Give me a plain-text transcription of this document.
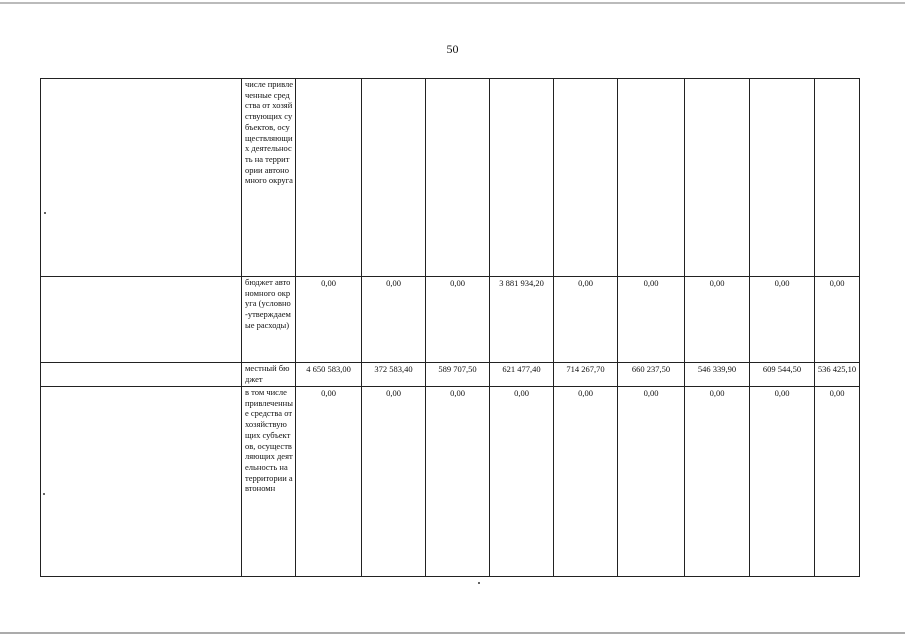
50
	числе привлеченные средства от хозяйствующих субъектов, осуществляющих деятельность на территории автономного округа									
	бюджет автономного округа (условно-утверждаемые расходы)	0,00	0,00	0,00	3 881 934,20	0,00	0,00	0,00	0,00	0,00
	местный бюджет	4 650 583,00	372 583,40	589 707,50	621 477,40	714 267,70	660 237,50	546 339,90	609 544,50	536 425,10
	в том числе привлеченные средства от хозяйствующих субъектов, осуществляющих деятельность на территории автономн	0,00	0,00	0,00	0,00	0,00	0,00	0,00	0,00	0,00
